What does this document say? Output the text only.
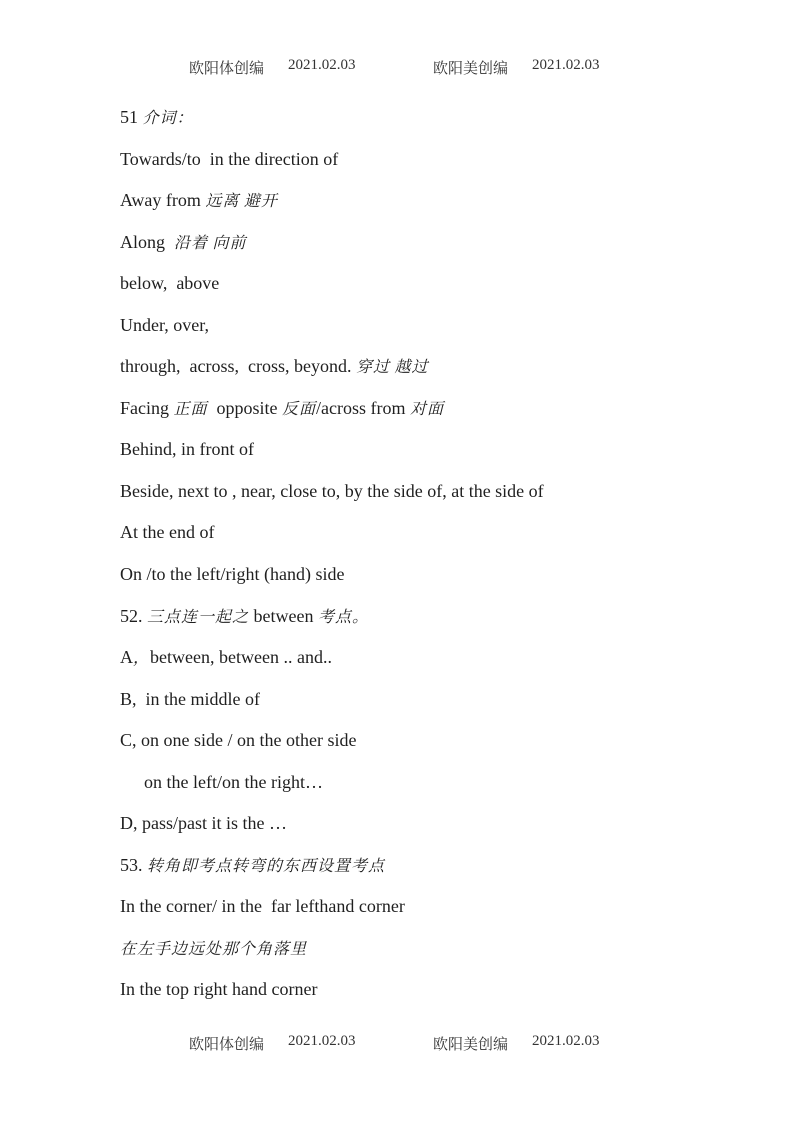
欧阳体创编 2021.02.03	欧阳美创编 2021.02.03
51 介词：
Towards/to  in the direction of
Away from 远离 避开
Along  沿着 向前
below,  above
Under, over,
through,  across,  cross, beyond. 穿过 越过
Facing 正面  opposite 反面/across from 对面
Behind, in front of
Beside, next to , near, close to, by the side of, at the side of
At the end of
On /to the left/right (hand) side
52. 三点连一起之 between 考点。
A，between, between .. and..
B,  in the middle of
C, on one side / on the other side
on the left/on the right…
D, pass/past it is the …
53. 转角即考点转弯的东西设置考点
In the corner/ in the  far lefthand corner
在左手边远处那个角落里
In the top right hand corner
欧阳体创编 2021.02.03	欧阳美创编 2021.02.03
